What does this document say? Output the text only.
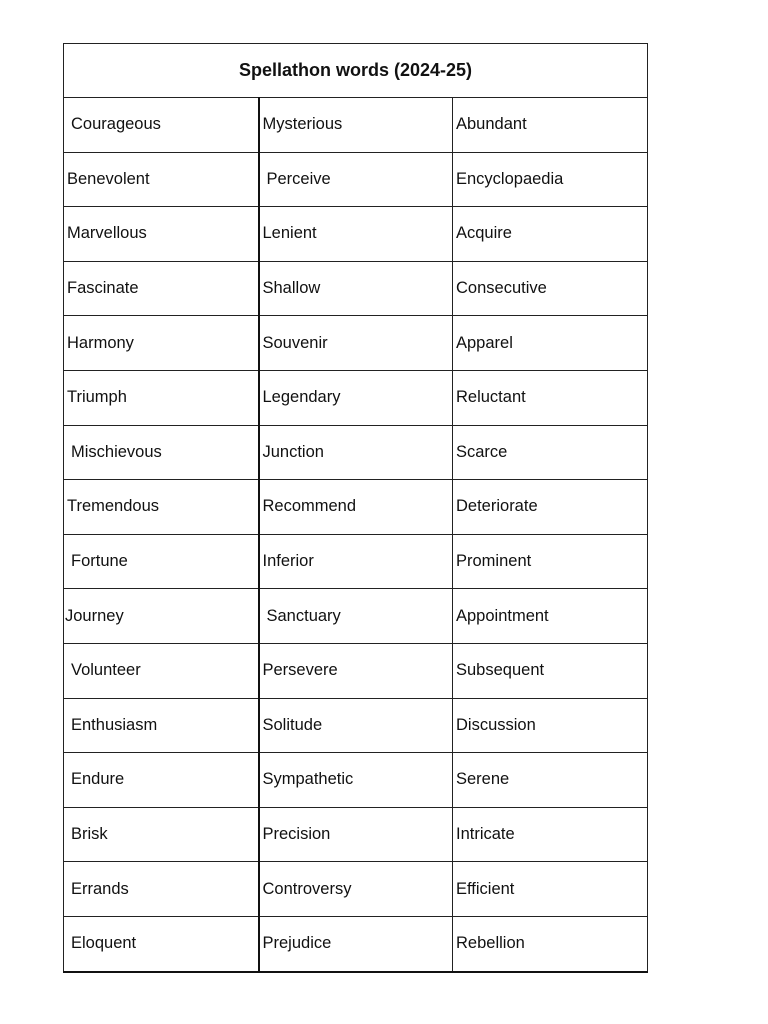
Spellathon words (2024-25)		
Courageous	Mysterious	Abundant
Benevolent	Perceive	Encyclopaedia
Marvellous	Lenient	Acquire
Fascinate	Shallow	Consecutive
Harmony	Souvenir	Apparel
Triumph	Legendary	Reluctant
Mischievous	Junction	Scarce
Tremendous	Recommend	Deteriorate
Fortune	Inferior	Prominent
Journey	Sanctuary	Appointment
Volunteer	Persevere	Subsequent
Enthusiasm	Solitude	Discussion
Endure	Sympathetic	Serene
Brisk	Precision	Intricate
Errands	Controversy	Efficient
Eloquent	Prejudice	Rebellion
